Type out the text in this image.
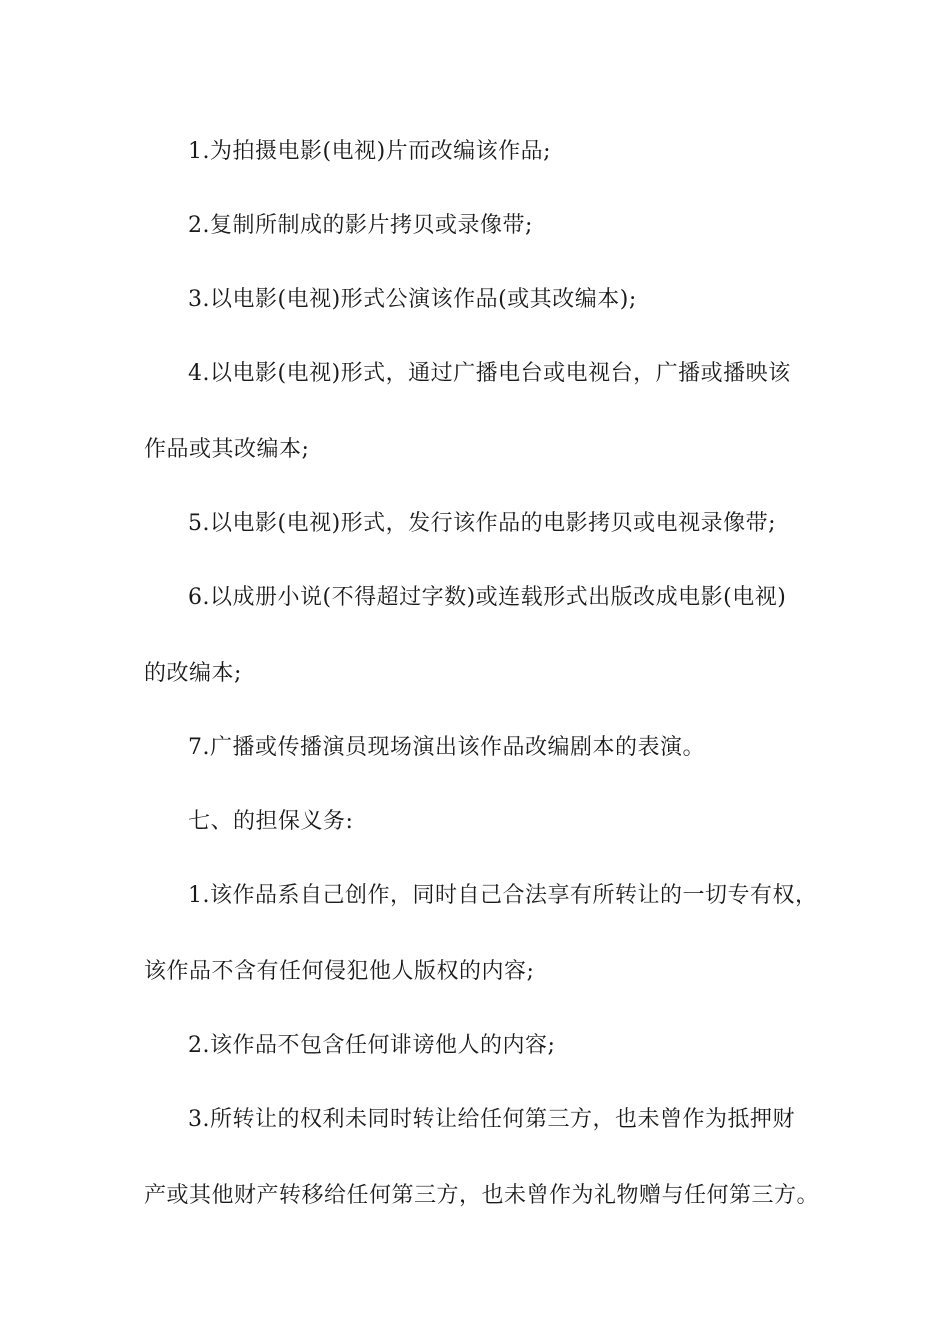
1.为拍摄电影(电视)片而改编该作品;
2.复制所制成的影片拷贝或录像带;
3.以电影(电视)形式公演该作品(或其改编本);
4.以电影(电视)形式，通过广播电台或电视台，广播或播映该
作品或其改编本;
5.以电影(电视)形式，发行该作品的电影拷贝或电视录像带;
6.以成册小说(不得超过字数)或连载形式出版改成电影(电视)
的改编本;
7.广播或传播演员现场演出该作品改编剧本的表演。
七、的担保义务:
1.该作品系自己创作，同时自己合法享有所转让的一切专有权，
该作品不含有任何侵犯他人版权的内容;
2.该作品不包含任何诽谤他人的内容;
3.所转让的权利未同时转让给任何第三方，也未曾作为抵押财
产或其他财产转移给任何第三方，也未曾作为礼物赠与任何第三方。
